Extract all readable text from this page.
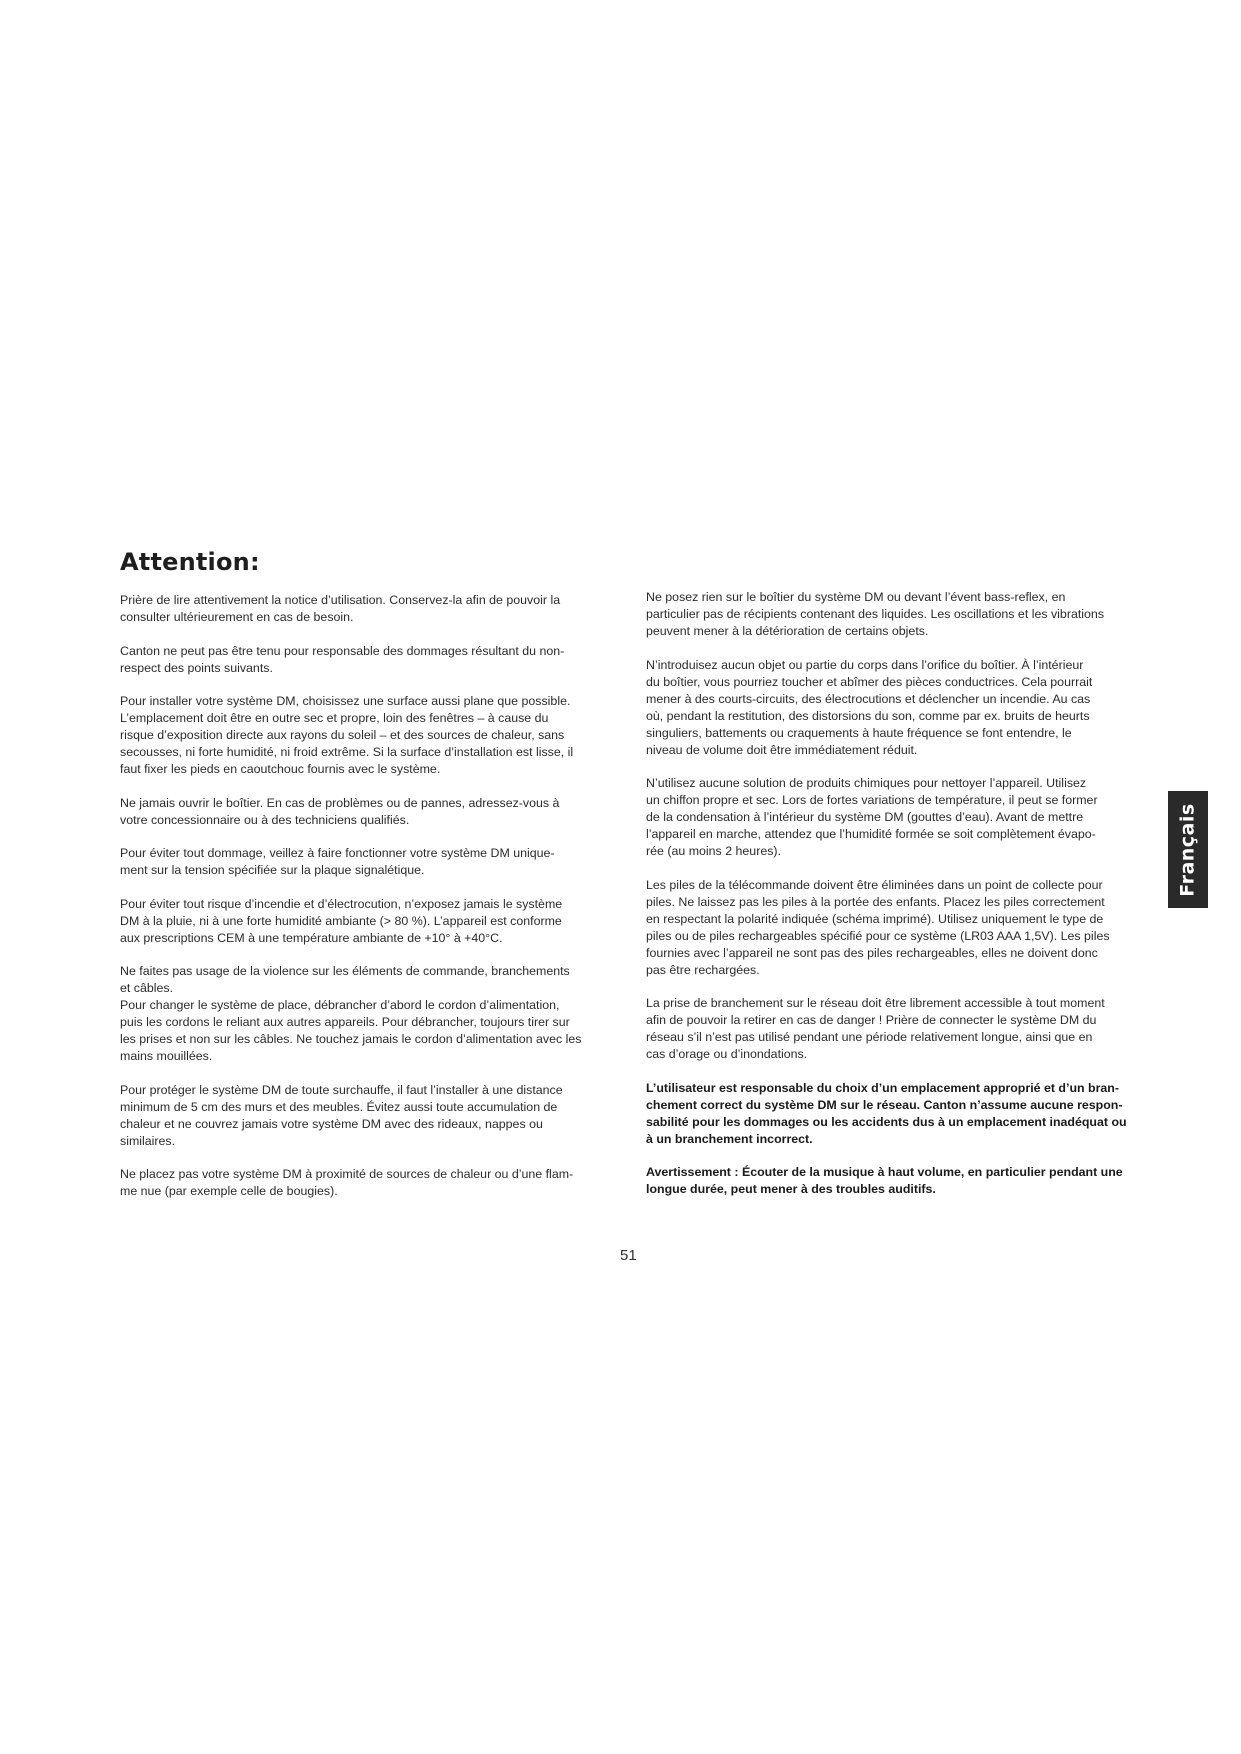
Attention:

Prière de lire attentivement la notice d’utilisation. Conservez-la afin de pouvoir la
consulter ultérieurement en cas de besoin.

Canton ne peut pas être tenu pour responsable des dommages résultant du non-
respect des points suivants.

Pour installer votre système DM, choisissez une surface aussi plane que possible.
L’emplacement doit être en outre sec et propre, loin des fenêtres – à cause du
risque d’exposition directe aux rayons du soleil – et des sources de chaleur, sans
secousses, ni forte humidité, ni froid extrême. Si la surface d’installation est lisse, il
faut fixer les pieds en caoutchouc fournis avec le système.

Ne jamais ouvrir le boîtier. En cas de problèmes ou de pannes, adressez-vous à
votre concessionnaire ou à des techniciens qualifiés.

Pour éviter tout dommage, veillez à faire fonctionner votre système DM unique-
ment sur la tension spécifiée sur la plaque signalétique.

Pour éviter tout risque d’incendie et d’électrocution, n’exposez jamais le système
DM à la pluie, ni à une forte humidité ambiante (> 80 %). L’appareil est conforme
aux prescriptions CEM à une température ambiante de +10° à +40°C.

Ne faites pas usage de la violence sur les éléments de commande, branchements
et câbles.

Pour changer le système de place, débrancher d’abord le cordon d’alimentation,
puis les cordons le reliant aux autres appareils. Pour débrancher, toujours tirer sur
les prises et non sur les câbles. Ne touchez jamais le cordon d’alimentation avec les
mains mouillées.

Pour protéger le système DM de toute surchauffe, il faut l’installer à une distance
minimum de 5 cm des murs et des meubles. Évitez aussi toute accumulation de
chaleur et ne couvrez jamais votre système DM avec des rideaux, nappes ou
similaires.

Ne placez pas votre système DM à proximité de sources de chaleur ou d’une flam-
me nue (par exemple celle de bougies).

Ne posez rien sur le boîtier du système DM ou devant l’évent bass-reflex, en
particulier pas de récipients contenant des liquides. Les oscillations et les vibrations
peuvent mener à la détérioration de certains objets.

N’introduisez aucun objet ou partie du corps dans l’orifice du boîtier. À l’intérieur
du boîtier, vous pourriez toucher et abîmer des pièces conductrices. Cela pourrait
mener à des courts-circuits, des électrocutions et déclencher un incendie. Au cas
où, pendant la restitution, des distorsions du son, comme par ex. bruits de heurts
singuliers, battements ou craquements à haute fréquence se font entendre, le
niveau de volume doit être immédiatement réduit.

N’utilisez aucune solution de produits chimiques pour nettoyer l’appareil. Utilisez
un chiffon propre et sec. Lors de fortes variations de température, il peut se former
de la condensation à l’intérieur du système DM (gouttes d’eau). Avant de mettre
l’appareil en marche, attendez que l’humidité formée se soit complètement évapo-
rée (au moins 2 heures).

Les piles de la télécommande doivent être éliminées dans un point de collecte pour
piles. Ne laissez pas les piles à la portée des enfants. Placez les piles correctement
en respectant la polarité indiquée (schéma imprimé). Utilisez uniquement le type de
piles ou de piles rechargeables spécifié pour ce système (LR03 AAA 1,5V). Les piles
fournies avec l’appareil ne sont pas des piles rechargeables, elles ne doivent donc
pas être rechargées.

La prise de branchement sur le réseau doit être librement accessible à tout moment
afin de pouvoir la retirer en cas de danger ! Prière de connecter le système DM du
réseau s’il n’est pas utilisé pendant une période relativement longue, ainsi que en
cas d’orage ou d’inondations.

L’utilisateur est responsable du choix d’un emplacement approprié et d’un bran-
chement correct du système DM sur le réseau. Canton n’assume aucune respon-
sabilité pour les dommages ou les accidents dus à un emplacement inadéquat ou
à un branchement incorrect.

Avertissement : Écouter de la musique à haut volume, en particulier pendant une
longue durée, peut mener à des troubles auditifs.

51
Français
